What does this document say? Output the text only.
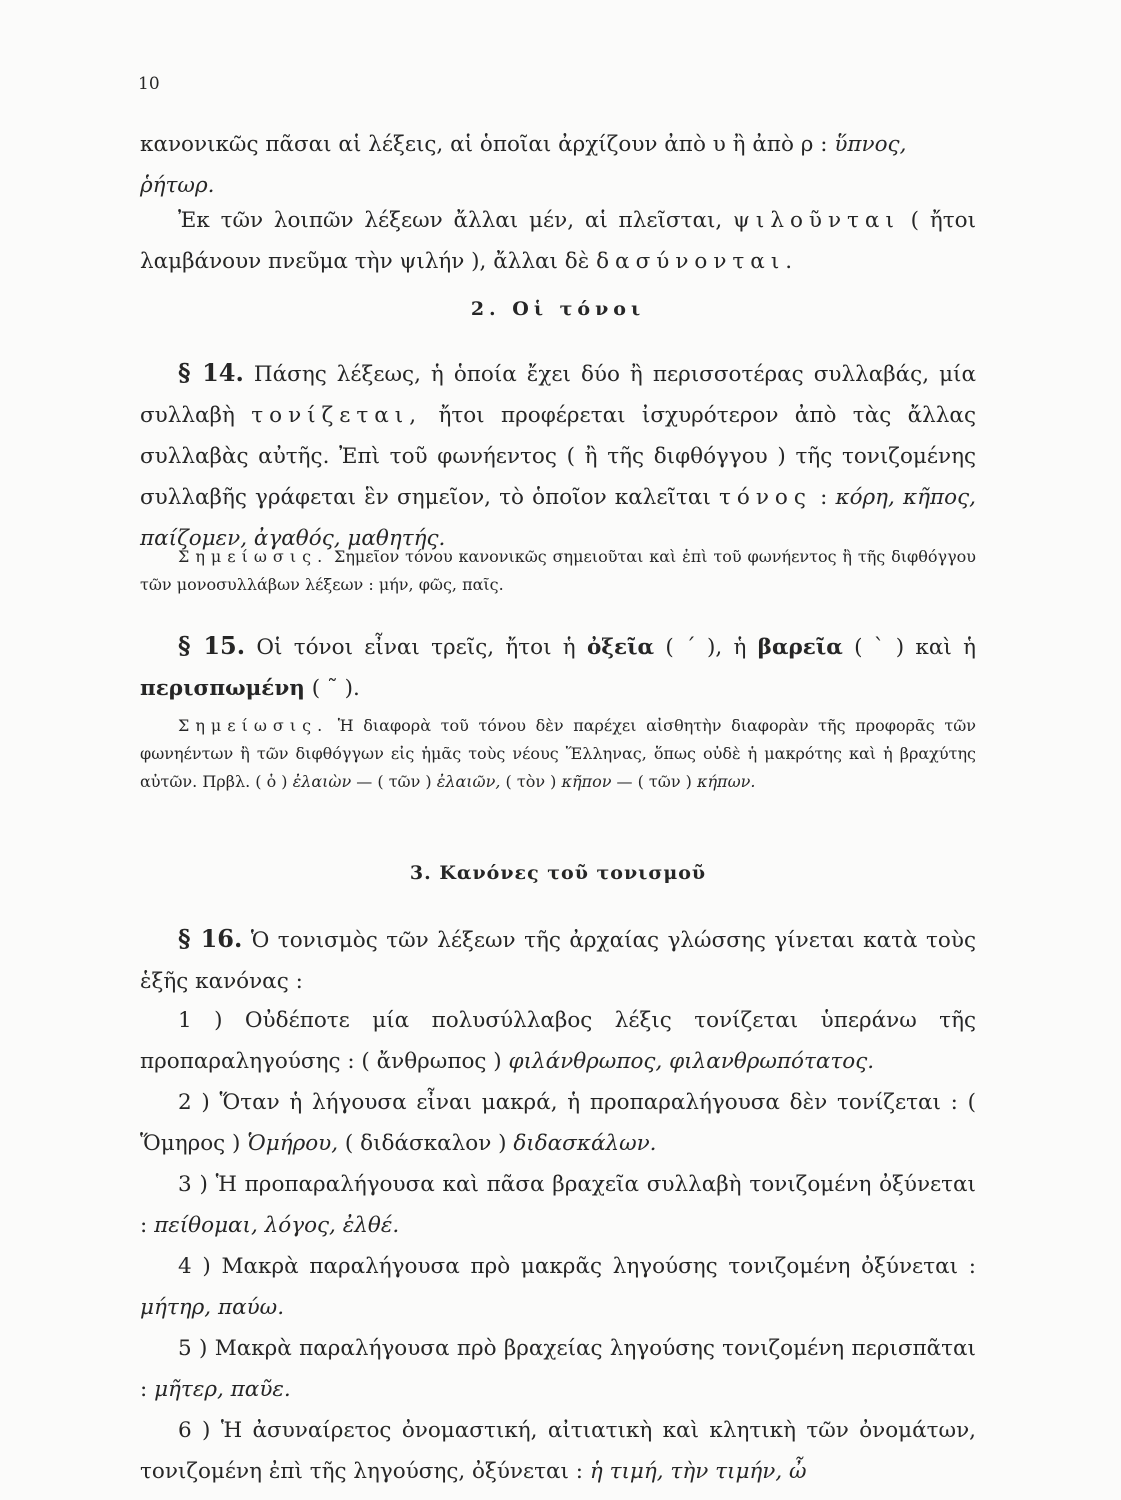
10

κανονικῶς πᾶσαι αἱ λέξεις, αἱ ὁποῖαι ἀρχίζουν ἀπὸ υ ἢ ἀπὸ ρ : ὕπνος,
ῥήτωρ.

Ἐκ τῶν λοιπῶν λέξεων ἄλλαι μέν, αἱ πλεῖσται, ψιλοῦνται ( ἤτοι λαμβάνουν πνεῦμα τὴν ψιλήν ), ἄλλαι δὲ δασύνονται.

2. Οἱ τόνοι

§ 14. Πάσης λέξεως, ἡ ὁποία ἔχει δύο ἢ περισσοτέρας συλλαβάς, μία συλλαβὴ τονίζεται, ἤτοι προφέρεται ἰσχυρότερον ἀπὸ τὰς ἄλλας συλλαβὰς αὐτῆς. Ἐπὶ τοῦ φωνήεντος ( ἢ τῆς διφθόγγου ) τῆς τονιζομένης συλλαβῆς γράφεται ἓν σημεῖον, τὸ ὁποῖον καλεῖται τόνος : κόρη, κῆπος, παίζομεν, ἀγαθός, μαθητής.

Σημείωσις. Σημεῖον τόνου κανονικῶς σημειοῦται καὶ ἐπὶ τοῦ φωνήεντος ἢ τῆς διφθόγγου τῶν μονοσυλλάβων λέξεων : μήν, φῶς, παῖς.

§ 15. Οἱ τόνοι εἶναι τρεῖς, ἤτοι ἡ ὀξεῖα ( ´ ), ἡ βαρεῖα ( ` ) καὶ ἡ περισπωμένη ( ˜ ).

Σημείωσις. Ἡ διαφορὰ τοῦ τόνου δὲν παρέχει αἰσθητὴν διαφορὰν τῆς προφορᾶς τῶν φωνηέντων ἢ τῶν διφθόγγων εἰς ἡμᾶς τοὺς νέους Ἕλληνας, ὅπως οὐδὲ ἡ μακρότης καὶ ἡ βραχύτης αὐτῶν. Πρβλ. ( ὁ ) ἐλαιὼν — ( τῶν ) ἐλαιῶν, ( τὸν ) κῆπον — ( τῶν ) κήπων.

3. Κανόνες τοῦ τονισμοῦ

§ 16. Ὁ τονισμὸς τῶν λέξεων τῆς ἀρχαίας γλώσσης γίνεται κατὰ τοὺς ἑξῆς κανόνας :

1 ) Οὐδέποτε μία πολυσύλλαβος λέξις τονίζεται ὑπεράνω τῆς προπαραληγούσης : ( ἄνθρωπος ) φιλάνθρωπος, φιλανθρωπότατος.

2 ) Ὅταν ἡ λήγουσα εἶναι μακρά, ἡ προπαραλήγουσα δὲν τονίζεται : ( Ὅμηρος ) Ὁμήρου, ( διδάσκαλον ) διδασκάλων.

3 ) Ἡ προπαραλήγουσα καὶ πᾶσα βραχεῖα συλλαβὴ τονιζομένη ὀξύνεται : πείθομαι, λόγος, ἐλθέ.

4 ) Μακρὰ παραλήγουσα πρὸ μακρᾶς ληγούσης τονιζομένη ὀξύνεται : μήτηρ, παύω.

5 ) Μακρὰ παραλήγουσα πρὸ βραχείας ληγούσης τονιζομένη περισπᾶται : μῆτερ, παῦε.

6 ) Ἡ ἀσυναίρετος ὀνομαστική, αἰτιατικὴ καὶ κλητικὴ τῶν ὀνομάτων, τονιζομένη ἐπὶ τῆς ληγούσης, ὀξύνεται : ἡ τιμή, τὴν τιμήν, ὦ
